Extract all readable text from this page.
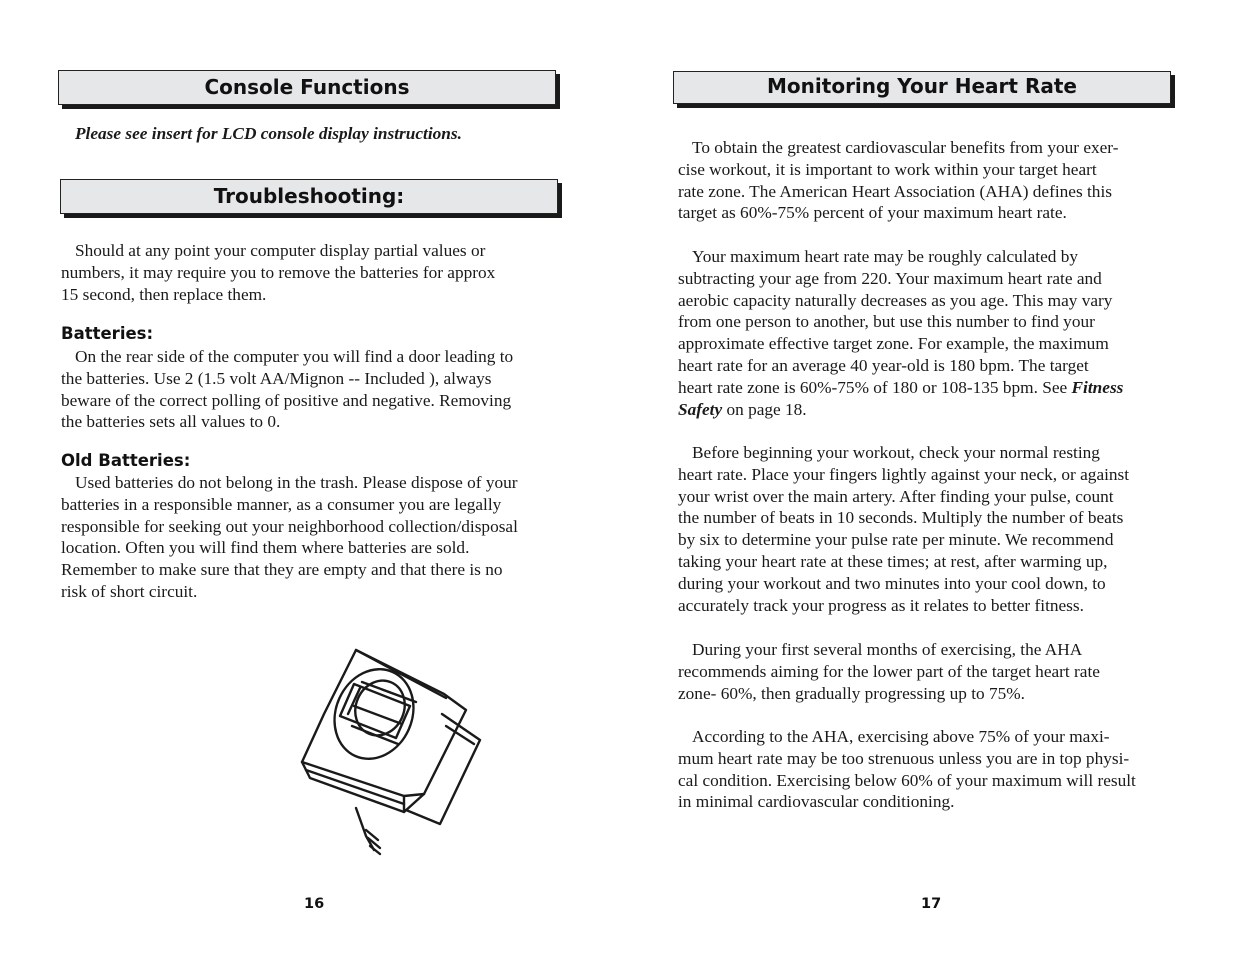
Console Functions
Please see insert for LCD console display instructions.
Troubleshooting:
Should at any point your computer display partial values or
numbers, it may require you to remove the batteries for approx
15 second, then replace them.
Batteries:
On the rear side of the computer you will find a door leading to
the batteries. Use 2 (1.5 volt AA/Mignon -- Included ), always
beware of the correct polling of positive and negative. Removing
the batteries sets all values to 0.
Old Batteries:
Used batteries do not belong in the trash. Please dispose of your
batteries in a responsible manner, as a consumer you are legally
responsible for seeking out your neighborhood collection/disposal
location. Often you will find them where batteries are sold.
Remember to make sure that they are empty and that there is no
risk of short circuit.
16
Monitoring Your Heart Rate
To obtain the greatest cardiovascular benefits from your exer-
cise workout, it is important to work within your target heart
rate zone. The American Heart Association (AHA) defines this
target as 60%-75% percent of your maximum heart rate.
Your maximum heart rate may be roughly calculated by
subtracting your age from 220. Your maximum heart rate and
aerobic capacity naturally decreases as you age. This may vary
from one person to another, but use this number to find your
approximate effective target zone. For example, the maximum
heart rate for an average 40 year-old is 180 bpm. The target
heart rate zone is 60%-75% of 180 or 108-135 bpm. See Fitness
Safety on page 18.
Before beginning your workout, check your normal resting
heart rate. Place your fingers lightly against your neck, or against
your wrist over the main artery. After finding your pulse, count
the number of beats in 10 seconds. Multiply the number of beats
by six to determine your pulse rate per minute. We recommend
taking your heart rate at these times; at rest, after warming up,
during your workout and two minutes into your cool down, to
accurately track your progress as it relates to better fitness.
During your first several months of exercising, the AHA
recommends aiming for the lower part of the target heart rate
zone- 60%, then gradually progressing up to 75%.
According to the AHA, exercising above 75% of your maxi-
mum heart rate may be too strenuous unless you are in top physi-
cal condition. Exercising below 60% of your maximum will result
in minimal cardiovascular conditioning.
17
